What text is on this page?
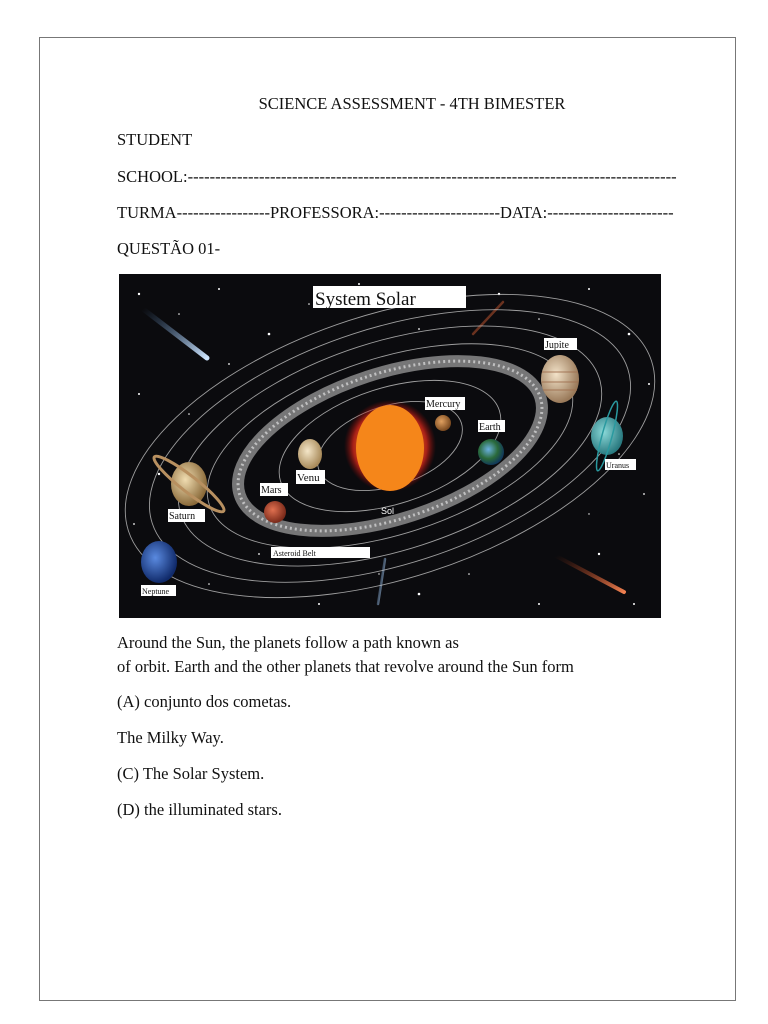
SCIENCE ASSESSMENT - 4TH BIMESTER
STUDENT
SCHOOL:-----------------------------------------------------------------------------------------
TURMA-----------------PROFESSORA:----------------------DATA:-----------------------
QUESTÃO 01-
System Solar
Jupite
Mercury
Earth
Uranus
Venu
Mars
Saturn	Sol
Asteroid Belt
Neptune
Around the Sun, the planets follow a path known as
of orbit. Earth and the other planets that revolve around the Sun form
(A) conjunto dos cometas.
The Milky Way.
(C) The Solar System.
(D) the illuminated stars.
